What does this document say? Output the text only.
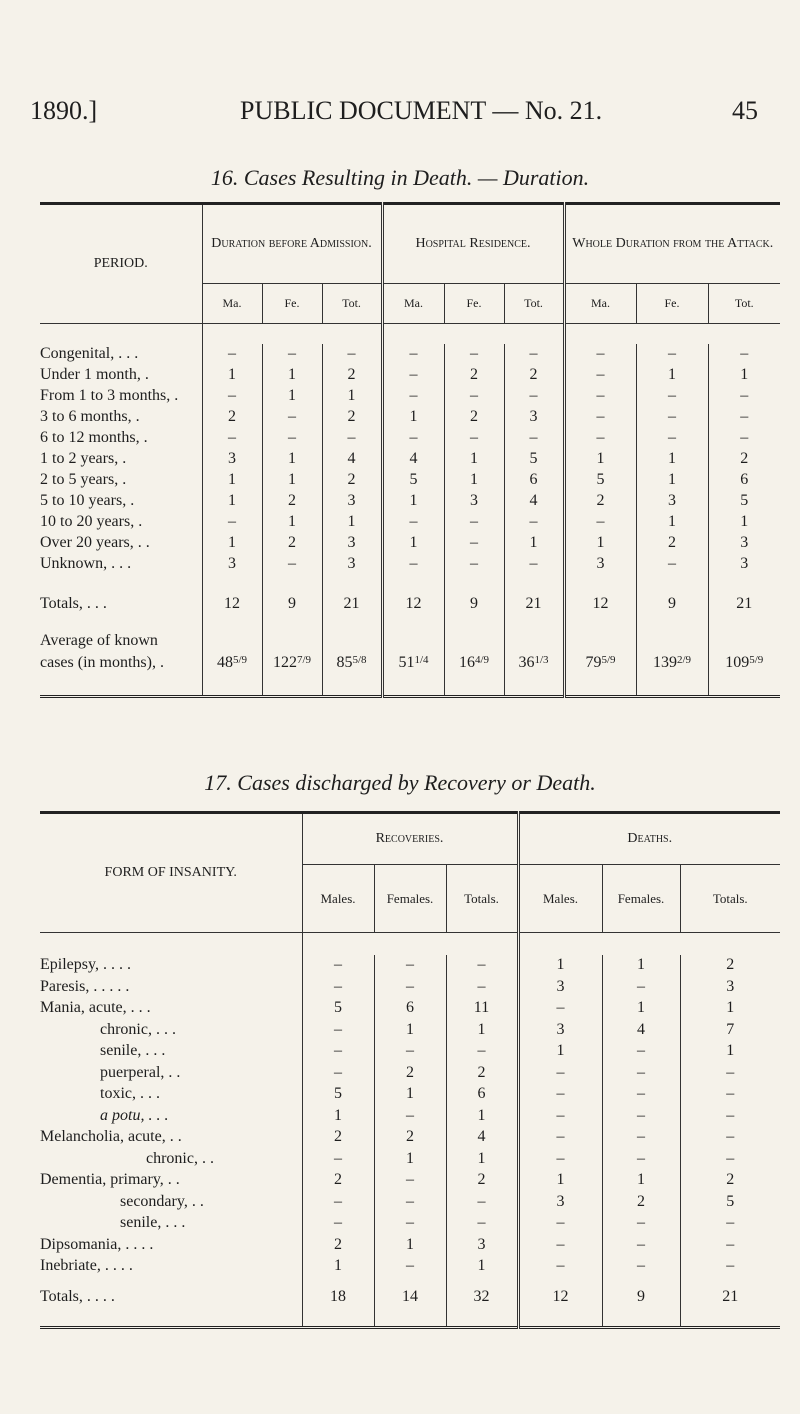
1890.]	PUBLIC DOCUMENT — No. 21.	45
16. Cases Resulting in Death. — Duration.
PERIOD.	Duration before Admission.			Hospital Residence.			Whole Duration from the Attack.		
	Ma.	Fe.	Tot.	Ma.	Fe.	Tot.	Ma.	Fe.	Tot.

Congenital, . . .	–	–	–	–	–	–	–	–	–
Under 1 month, .	1	1	2	–	2	2	–	1	1
From 1 to 3 months, .	–	1	1	–	–	–	–	–	–
3 to 6 months, .	2	–	2	1	2	3	–	–	–
6 to 12 months, .	–	–	–	–	–	–	–	–	–
1 to 2 years, .	3	1	4	4	1	5	1	1	2
2 to 5 years, .	1	1	2	5	1	6	5	1	6
5 to 10 years, .	1	2	3	1	3	4	2	3	5
10 to 20 years, .	–	1	1	–	–	–	–	1	1
Over 20 years, . .	1	2	3	1	–	1	1	2	3
Unknown, . . .	3	–	3	–	–	–	3	–	3

Totals, . . .	12	9	21	12	9	21	12	9	21

Average of known									
cases (in months), .	$48^{5/9}$	$122^{7/9}$	$85^{5/8}$	$51^{1/4}$	$16^{4/9}$	$36^{1/3}$	$79^{5/9}$	$139^{2/9}$	$109^{5/9}$

17. Cases discharged by Recovery or Death.
FORM OF INSANITY.	Recoveries.			Deaths.		
	Males.	Females.	Totals.	Males.	Females.	Totals.

Epilepsy, . . . .	–	–	–	1	1	2
Paresis, . . . . .	–	–	–	3	–	3
Mania, acute, . . .	5	6	11	–	1	1
chronic, . . .	–	1	1	3	4	7
senile, . . .	–	–	–	1	–	1
puerperal, . .	–	2	2	–	–	–
toxic, . . .	5	1	6	–	–	–
a potu, . . .	1	–	1	–	–	–
Melancholia, acute, . .	2	2	4	–	–	–
chronic, . .	–	1	1	–	–	–
Dementia, primary, . .	2	–	2	1	1	2
secondary, . .	–	–	–	3	2	5
senile, . . .	–	–	–	–	–	–
Dipsomania, . . . .	2	1	3	–	–	–
Inebriate, . . . .	1	–	1	–	–	–

Totals, . . . .	18	14	32	12	9	21
